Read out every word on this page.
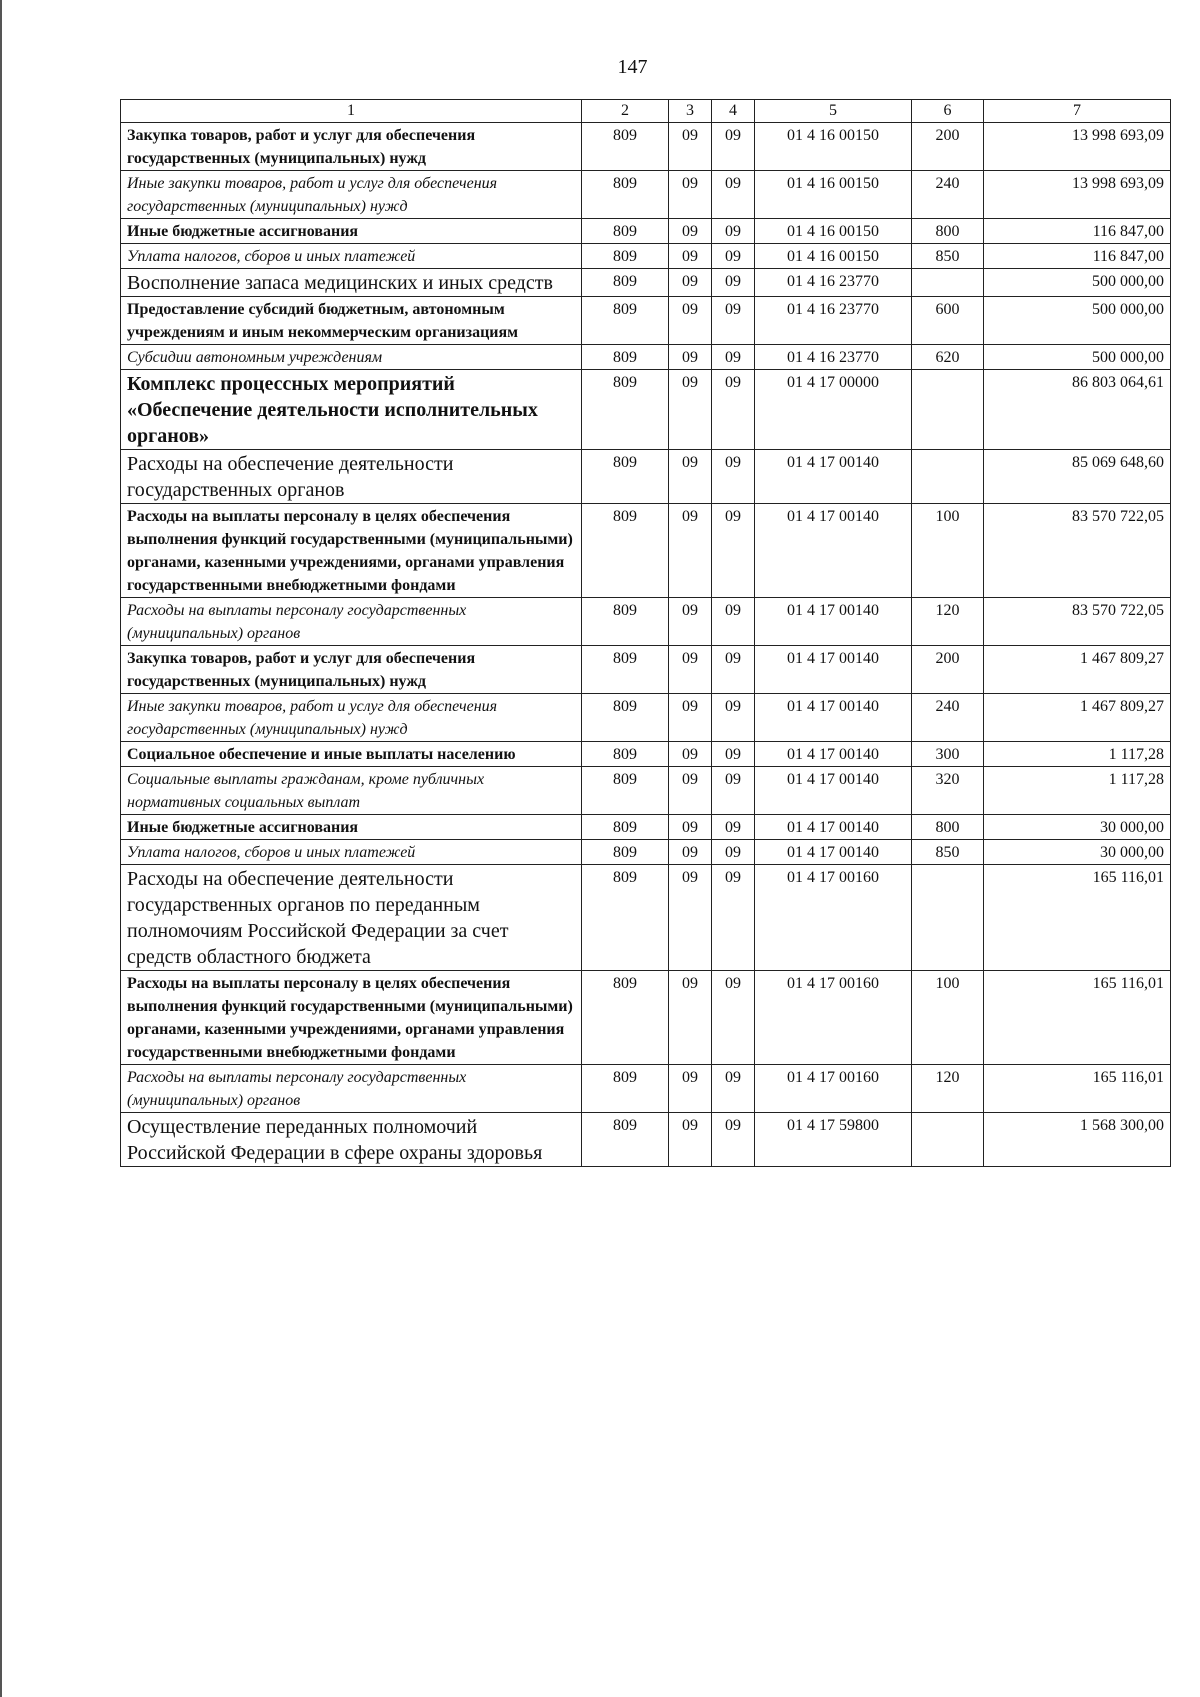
147
1	2	3	4	5	6	7
Закупка товаров, работ и услуг для обеспечения государственных (муниципальных) нужд	809	09	09	01 4 16 00150	200	13 998 693,09
Иные закупки товаров, работ и услуг для обеспечения государственных (муниципальных) нужд	809	09	09	01 4 16 00150	240	13 998 693,09
Иные бюджетные ассигнования	809	09	09	01 4 16 00150	800	116 847,00
Уплата налогов, сборов и иных платежей	809	09	09	01 4 16 00150	850	116 847,00
Восполнение запаса медицинских и иных средств	809	09	09	01 4 16 23770		500 000,00
Предоставление субсидий бюджетным, автономным учреждениям и иным некоммерческим организациям	809	09	09	01 4 16 23770	600	500 000,00
Субсидии автономным учреждениям	809	09	09	01 4 16 23770	620	500 000,00
Комплекс процессных мероприятий «Обеспечение деятельности исполнительных органов»	809	09	09	01 4 17 00000		86 803 064,61
Расходы на обеспечение деятельности государственных органов	809	09	09	01 4 17 00140		85 069 648,60
Расходы на выплаты персоналу в целях обеспечения выполнения функций государственными (муниципальными) органами, казенными учреждениями, органами управления государственными внебюджетными фондами	809	09	09	01 4 17 00140	100	83 570 722,05
Расходы на выплаты персоналу государственных (муниципальных) органов	809	09	09	01 4 17 00140	120	83 570 722,05
Закупка товаров, работ и услуг для обеспечения государственных (муниципальных) нужд	809	09	09	01 4 17 00140	200	1 467 809,27
Иные закупки товаров, работ и услуг для обеспечения государственных (муниципальных) нужд	809	09	09	01 4 17 00140	240	1 467 809,27
Социальное обеспечение и иные выплаты населению	809	09	09	01 4 17 00140	300	1 117,28
Социальные выплаты гражданам, кроме публичных нормативных социальных выплат	809	09	09	01 4 17 00140	320	1 117,28
Иные бюджетные ассигнования	809	09	09	01 4 17 00140	800	30 000,00
Уплата налогов, сборов и иных платежей	809	09	09	01 4 17 00140	850	30 000,00
Расходы на обеспечение деятельности государственных органов по переданным полномочиям Российской Федерации за счет средств областного бюджета	809	09	09	01 4 17 00160		165 116,01
Расходы на выплаты персоналу в целях обеспечения выполнения функций государственными (муниципальными) органами, казенными учреждениями, органами управления государственными внебюджетными фондами	809	09	09	01 4 17 00160	100	165 116,01
Расходы на выплаты персоналу государственных (муниципальных) органов	809	09	09	01 4 17 00160	120	165 116,01
Осуществление переданных полномочий Российской Федерации в сфере охраны здоровья	809	09	09	01 4 17 59800		1 568 300,00
